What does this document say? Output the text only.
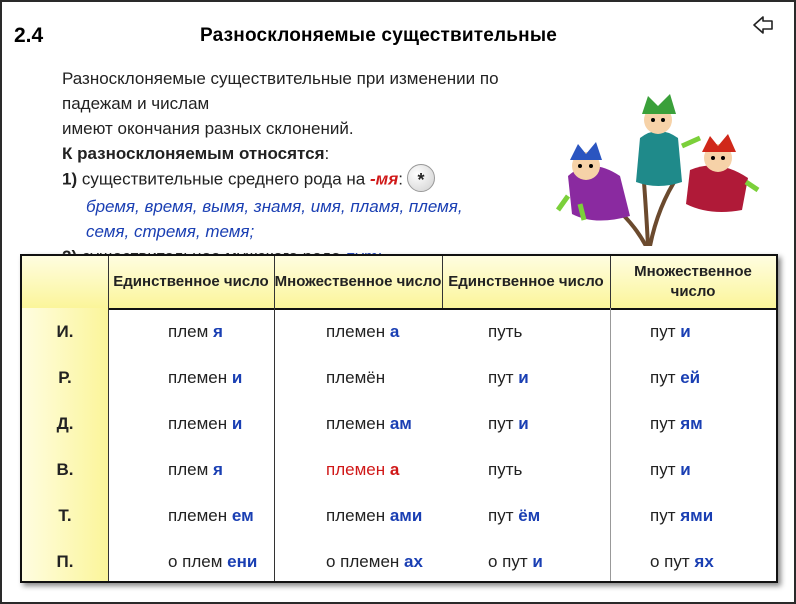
2.4	Разносклоняемые существительные

Разносклоняемые существительные при изменении по падежам и числам
имеют окончания разных склонений.

К разносклоняемым относятся:

1) существительные среднего рода на -мя: *

бремя, время, вымя, знамя, имя, пламя, племя,

семя, стремя, темя;

Единственное число Множественное число Единственное число
Множественное число
И.	плем я	племен а	путь	пут и
Р.	племен и	племён	пут и	пут ей
Д.	племен и	племен ам	пут и	пут ям
В.	плем я	племен а	путь	пут и
Т.	племен ем	племен ами	пут ём	пут ями
П.	о плем ени	о племен ах	о пут и	о пут ях
